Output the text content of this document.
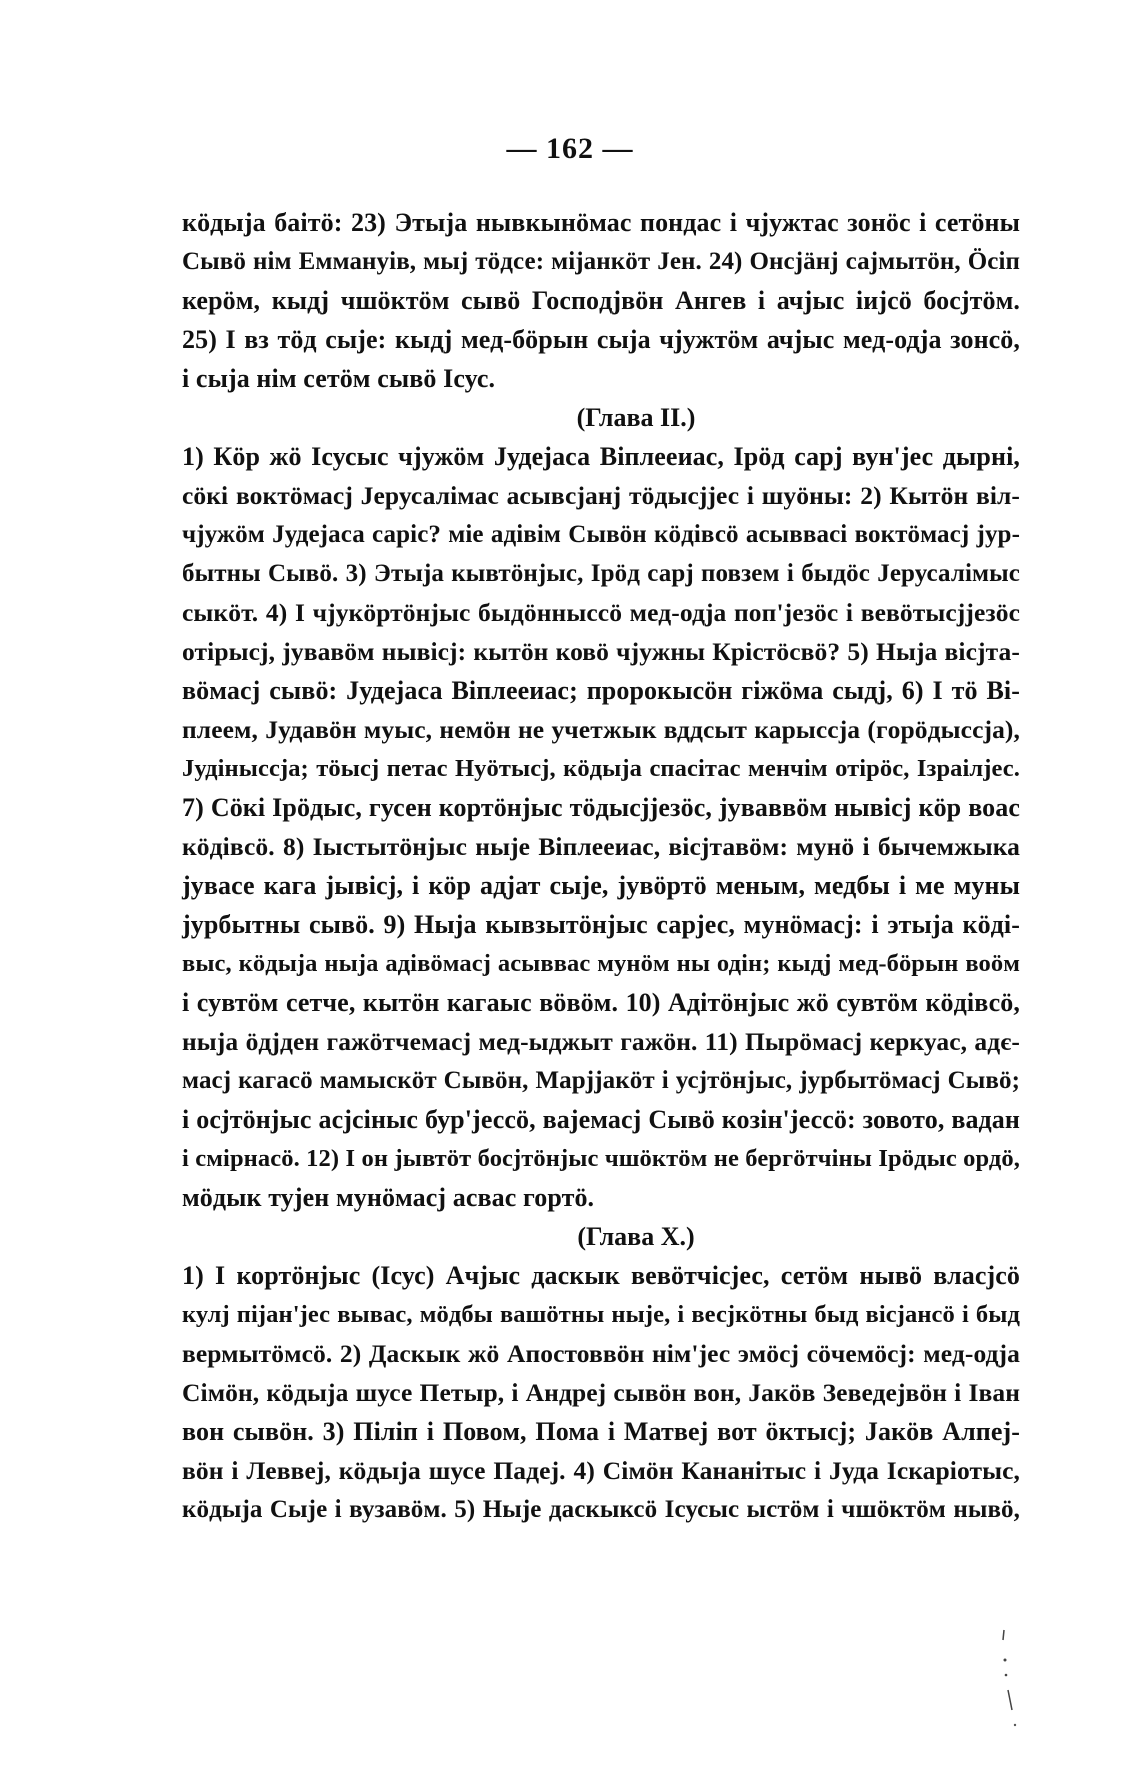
— 162 —
кӧдыја баітӧ: 23) Этыја нывкынӧмас пондас і чјужтас зонӧс і сетӧны
Сывӧ нім Еммануів, мыј тӧдсе: міјанкӧт Јен. 24) Онсјӓнј сајмытӧн, Ӧсіп
керӧм, кыдј чшӧктӧм сывӧ Госпoдјвӧн Ангев і ачјыс іиjсӧ босјтӧм.
25) I вз тӧд сыје: кыдј мед-бӧрын сыја чјужтӧм ачјыс мед-одја зонсӧ,
і сыја нім сетӧм сывӧ Iсус.
(Глава II.)
1) Кӧр жӧ Iсусыс чјужӧм Јудејаса Віплееиас, Ірӧд сарј вун'јес дырні,
сӧкі воктӧмасј Јерусалімас асывсјанј тӧдысјјес і шуӧны: 2) Кытӧн віл-
чјужӧм Јудејаса саріс? міе адівім Сывӧн кӧдівсӧ асывваcі воктӧмасј јур-
бытны Сывӧ. 3) Этыја кывтӧнјыс, Ірӧд сарј повзем і быдӧс Јерусалімыс
сыкӧт. 4) I чјукӧртӧнјыс быдӧнныссӧ мед-одја поп'језӧс і вевӧтысјјезӧс
отірысј, јувавӧм нывісј: кытӧн ковӧ чјужны Крістӧсвӧ? 5) Ныја вісјта-
вӧмасј сывӧ: Јудејаса Віплееиас; пророкысӧн гіжӧма сыдј, 6) I тӧ Ві-
плеем, Јудавӧн муыс, немӧн не учетжык вддсыт карыссја (гoрӧдыссја),
Јудіныссја; тӧысј петас Нуӧтысј, кӧдыја спасітас менчім отірӧс, Ізраілјес.
7) Сӧкі Ірӧдыс, гусен кортӧнјыс тӧдысјјезӧс, јуваввӧм нывісј кӧр воас
кӧдівсӧ. 8) Iыстытӧнјыс ныје Віплееиас, вісјтавӧм: мунӧ і бычемжыка
јувасе кага јывісј, і кӧр адјат сыје, јувӧртӧ меным, медбы і ме муны
јурбытны сывӧ. 9) Ныја кывзытӧнјыс сарјес, мунӧмасј: і этыја кӧді-
выс, кӧдыја ныја адівӧмасј асывваc мунӧм ны одін; кыдј мед-бӧрын воӧм
і сувтӧм сетче, кытӧн кагаыс вӧвӧм. 10) Адітӧнјыс жӧ сувтӧм кӧдівсӧ,
ныја ӧдјден гажӧтчемасј мед-ыджыт гажӧн. 11) Пырӧмасј керкуас, адє-
масј кагасӧ мамыскӧт Сывӧн, Марјјакӧт і усјтӧнјыс, јурбытӧмасј Сывӧ;
і осјтӧнјыс асјсіныс бур'јессӧ, вајемасј Сывӧ козін'јессӧ: зовото, вадан
і смірнасӧ. 12) I он јывтӧт босјтӧнјыс чшӧктӧм не бергӧтчіны Ірӧдыс ордӧ,
мӧдык тујен мунӧмасј асвас гортӧ.
(Глава X.)
1) I кортӧнјыс (Iсус) Ачјыс даскык вевӧтчісјес, сетӧм нывӧ власјсӧ
кулј піјан'јес вывас, мӧдбы вашӧтны ныје, і весјкӧтны быд вісјансӧ і быд
вермытӧмсӧ. 2) Даскык жӧ Апостоввӧн нім'јес эмӧсј сӧчемӧсј: мед-одја
Сімӧн, кӧдыја шусе Петыр, і Андреј сывӧн вон, Јакӧв Зеведејвӧн і Іван
вон сывӧн. 3) Піліп і Повом, Пома і Матвеј вот ӧктысј; Јакӧв Алпеј-
вӧн і Леввеј, кӧдыја шусе Падеј. 4) Сімӧн Кананітыс і Јуда Іскаріотыс,
кӧдыја Сыје і вузавӧм. 5) Ныје даскыксӧ Iсусыс ыстӧм і чшӧктӧм нывӧ,
